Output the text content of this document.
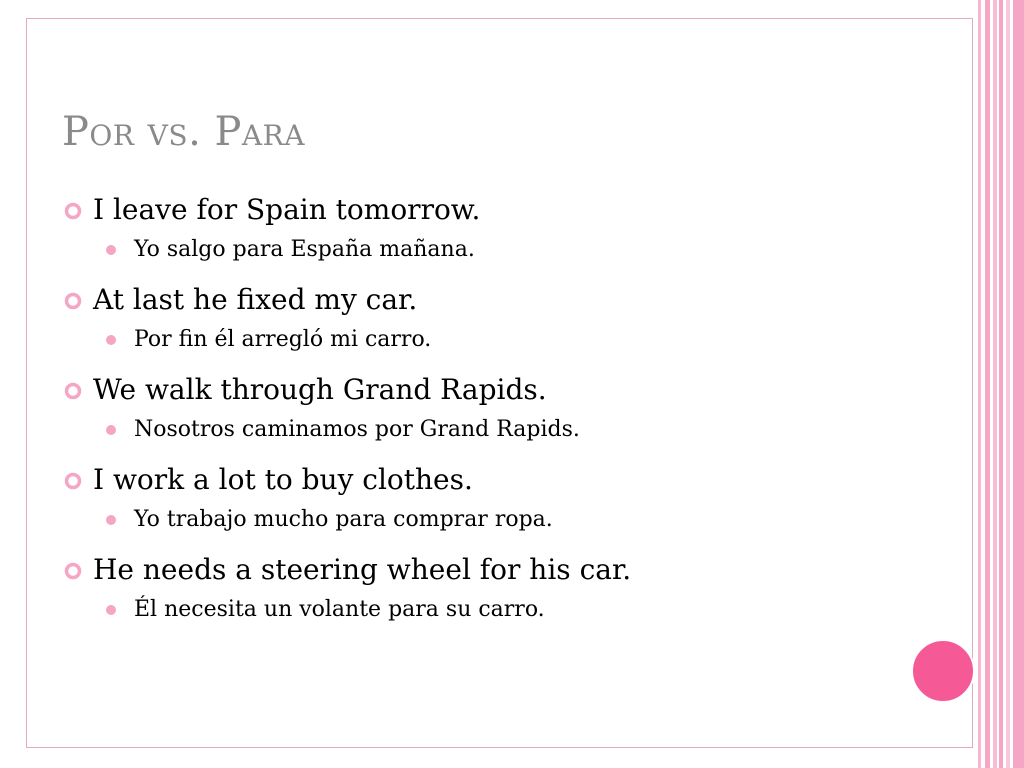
Por vs. Para
I leave for Spain tomorrow.
Yo salgo para España mañana.
At last he fixed my car.
Por fin él arregló mi carro.
We walk through Grand Rapids.
Nosotros caminamos por Grand Rapids.
I work a lot to buy clothes.
Yo trabajo mucho para comprar ropa.
He needs a steering wheel for his car.
Él necesita un volante para su carro.
